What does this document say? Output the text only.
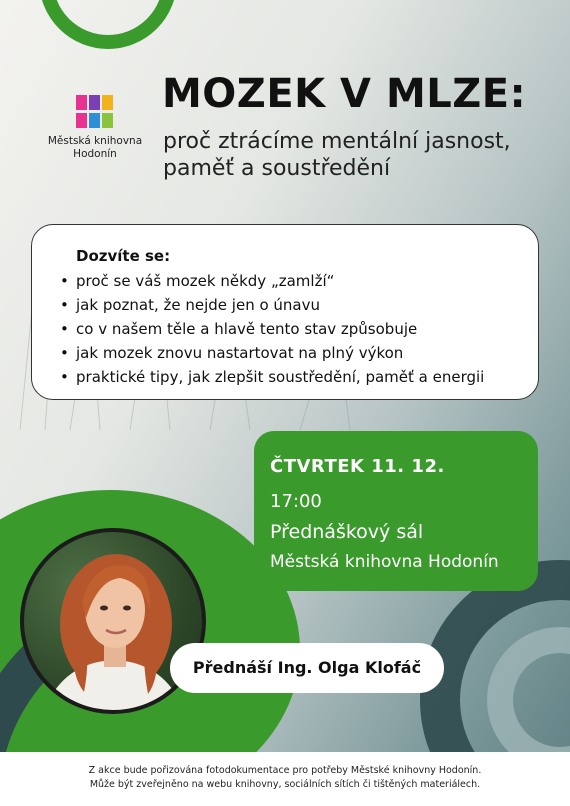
Městská knihovna
Hodonín
MOZEK V MLZE:
proč ztrácíme mentální jasnost,
paměť a soustředění
Dozvíte se:
• proč se váš mozek někdy „zamlží“
• jak poznat, že nejde jen o únavu
• co v našem těle a hlavě tento stav způsobuje
• jak mozek znovu nastartovat na plný výkon
• praktické tipy, jak zlepšit soustředění, paměť a energii
ČTVRTEK 11. 12.
17:00
Přednáškový sál
Městská knihovna Hodonín
Přednáší Ing. Olga Klofáč

Z akce bude pořizována fotodokumentace pro potřeby Městské knihovny Hodonín.

Může být zveřejněno na webu knihovny, sociálních sítích či tištěných materiálech.
